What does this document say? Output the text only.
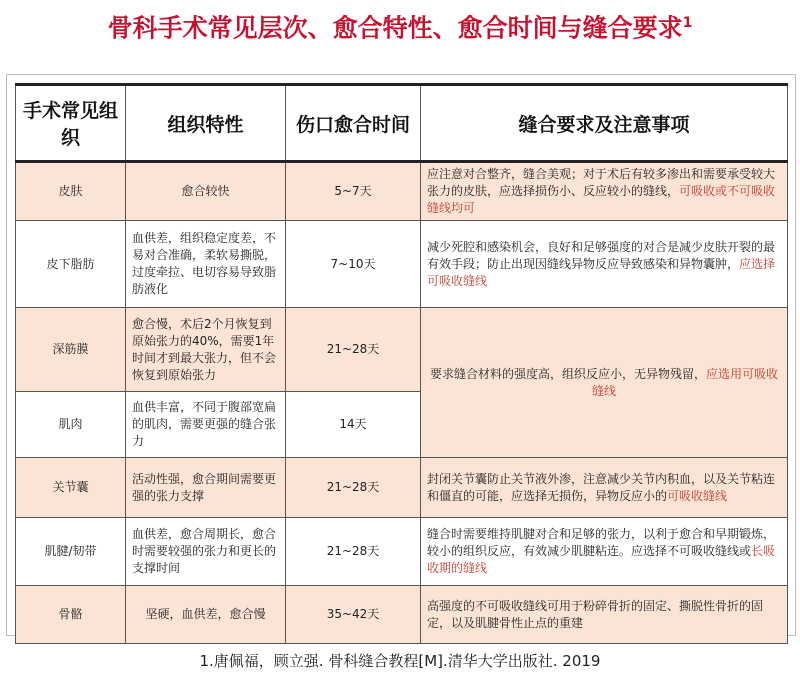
骨科手术常见层次、愈合特性、愈合时间与缝合要求$^1$
手术常见组织	组织特性	伤口愈合时间	缝合要求及注意事项
皮肤	愈合较快	5~7天	应注意对合整齐，缝合美观；对于术后有较多渗出和需要承受较大张力的皮肤，应选择损伤小、反应较小的缝线，可吸收或不可吸收缝线均可
皮下脂肪	血供差，组织稳定度差，不易对合准确，柔软易撕脱，过度牵拉、电切容易导致脂肪液化	7~10天	减少死腔和感染机会，良好和足够强度的对合是减少皮肤开裂的最有效手段；防止出现因缝线异物反应导致感染和异物囊肿，应选择可吸收缝线
深筋膜	愈合慢，术后2个月恢复到原始张力的40%，需要1年时间才到最大张力，但不会恢复到原始张力	21~28天	要求缝合材料的强度高，组织反应小，无异物残留，应选用可吸收缝线
肌肉	血供丰富，不同于腹部宽扁的肌肉，需要更强的缝合张力	14天	
关节囊	活动性强，愈合期间需要更强的张力支撑	21~28天	封闭关节囊防止关节液外渗，注意减少关节内积血，以及关节粘连和僵直的可能，应选择无损伤，异物反应小的可吸收缝线
肌腱/韧带	血供差，愈合周期长，愈合时需要较强的张力和更长的支撑时间	21~28天	缝合时需要维持肌腱对合和足够的张力，以利于愈合和早期锻炼，较小的组织反应，有效减少肌腱粘连。应选择不可吸收缝线或长吸收期的缝线
骨骼	坚硬，血供差，愈合慢	35~42天	高强度的不可吸收缝线可用于粉碎骨折的固定、撕脱性骨折的固定，以及肌腱骨性止点的重建
1.唐佩福，顾立强. 骨科缝合教程[M].清华大学出版社. 2019
